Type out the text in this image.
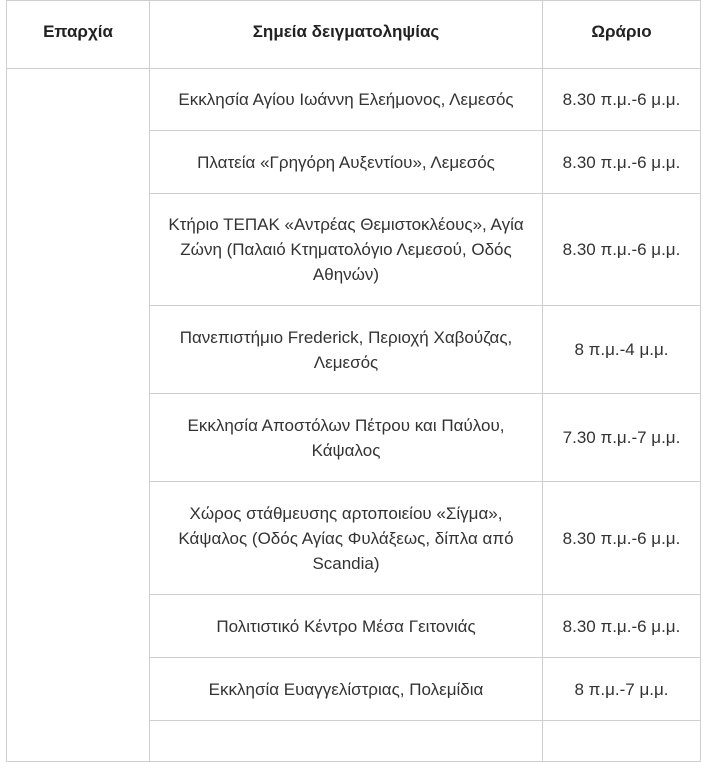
Επαρχία	Σημεία δειγματοληψίας	Ωράριο
	Εκκλησία Αγίου Ιωάννη Ελεήμονος, Λεμεσός	8.30 π.μ.-6 μ.μ.
	Πλατεία «Γρηγόρη Αυξεντίου», Λεμεσός	8.30 π.μ.-6 μ.μ.
	Κτήριο ΤΕΠΑΚ «Αντρέας Θεμιστοκλέους», Αγία Ζώνη (Παλαιό Κτηματολόγιο Λεμεσού, Οδός Αθηνών)	8.30 π.μ.-6 μ.μ.
	Πανεπιστήμιο Frederick, Περιοχή Χαβούζας, Λεμεσός	8 π.μ.-4 μ.μ.
	Εκκλησία Αποστόλων Πέτρου και Παύλου, Κάψαλος	7.30 π.μ.-7 μ.μ.
	Χώρος στάθμευσης αρτοποιείου «Σίγμα», Κάψαλος (Οδός Αγίας Φυλάξεως, δίπλα από Scandia)	8.30 π.μ.-6 μ.μ.
	Πολιτιστικό Κέντρο Μέσα Γειτονιάς	8.30 π.μ.-6 μ.μ.
	Εκκλησία Ευαγγελίστριας, Πολεμίδια	8 π.μ.-7 μ.μ.
